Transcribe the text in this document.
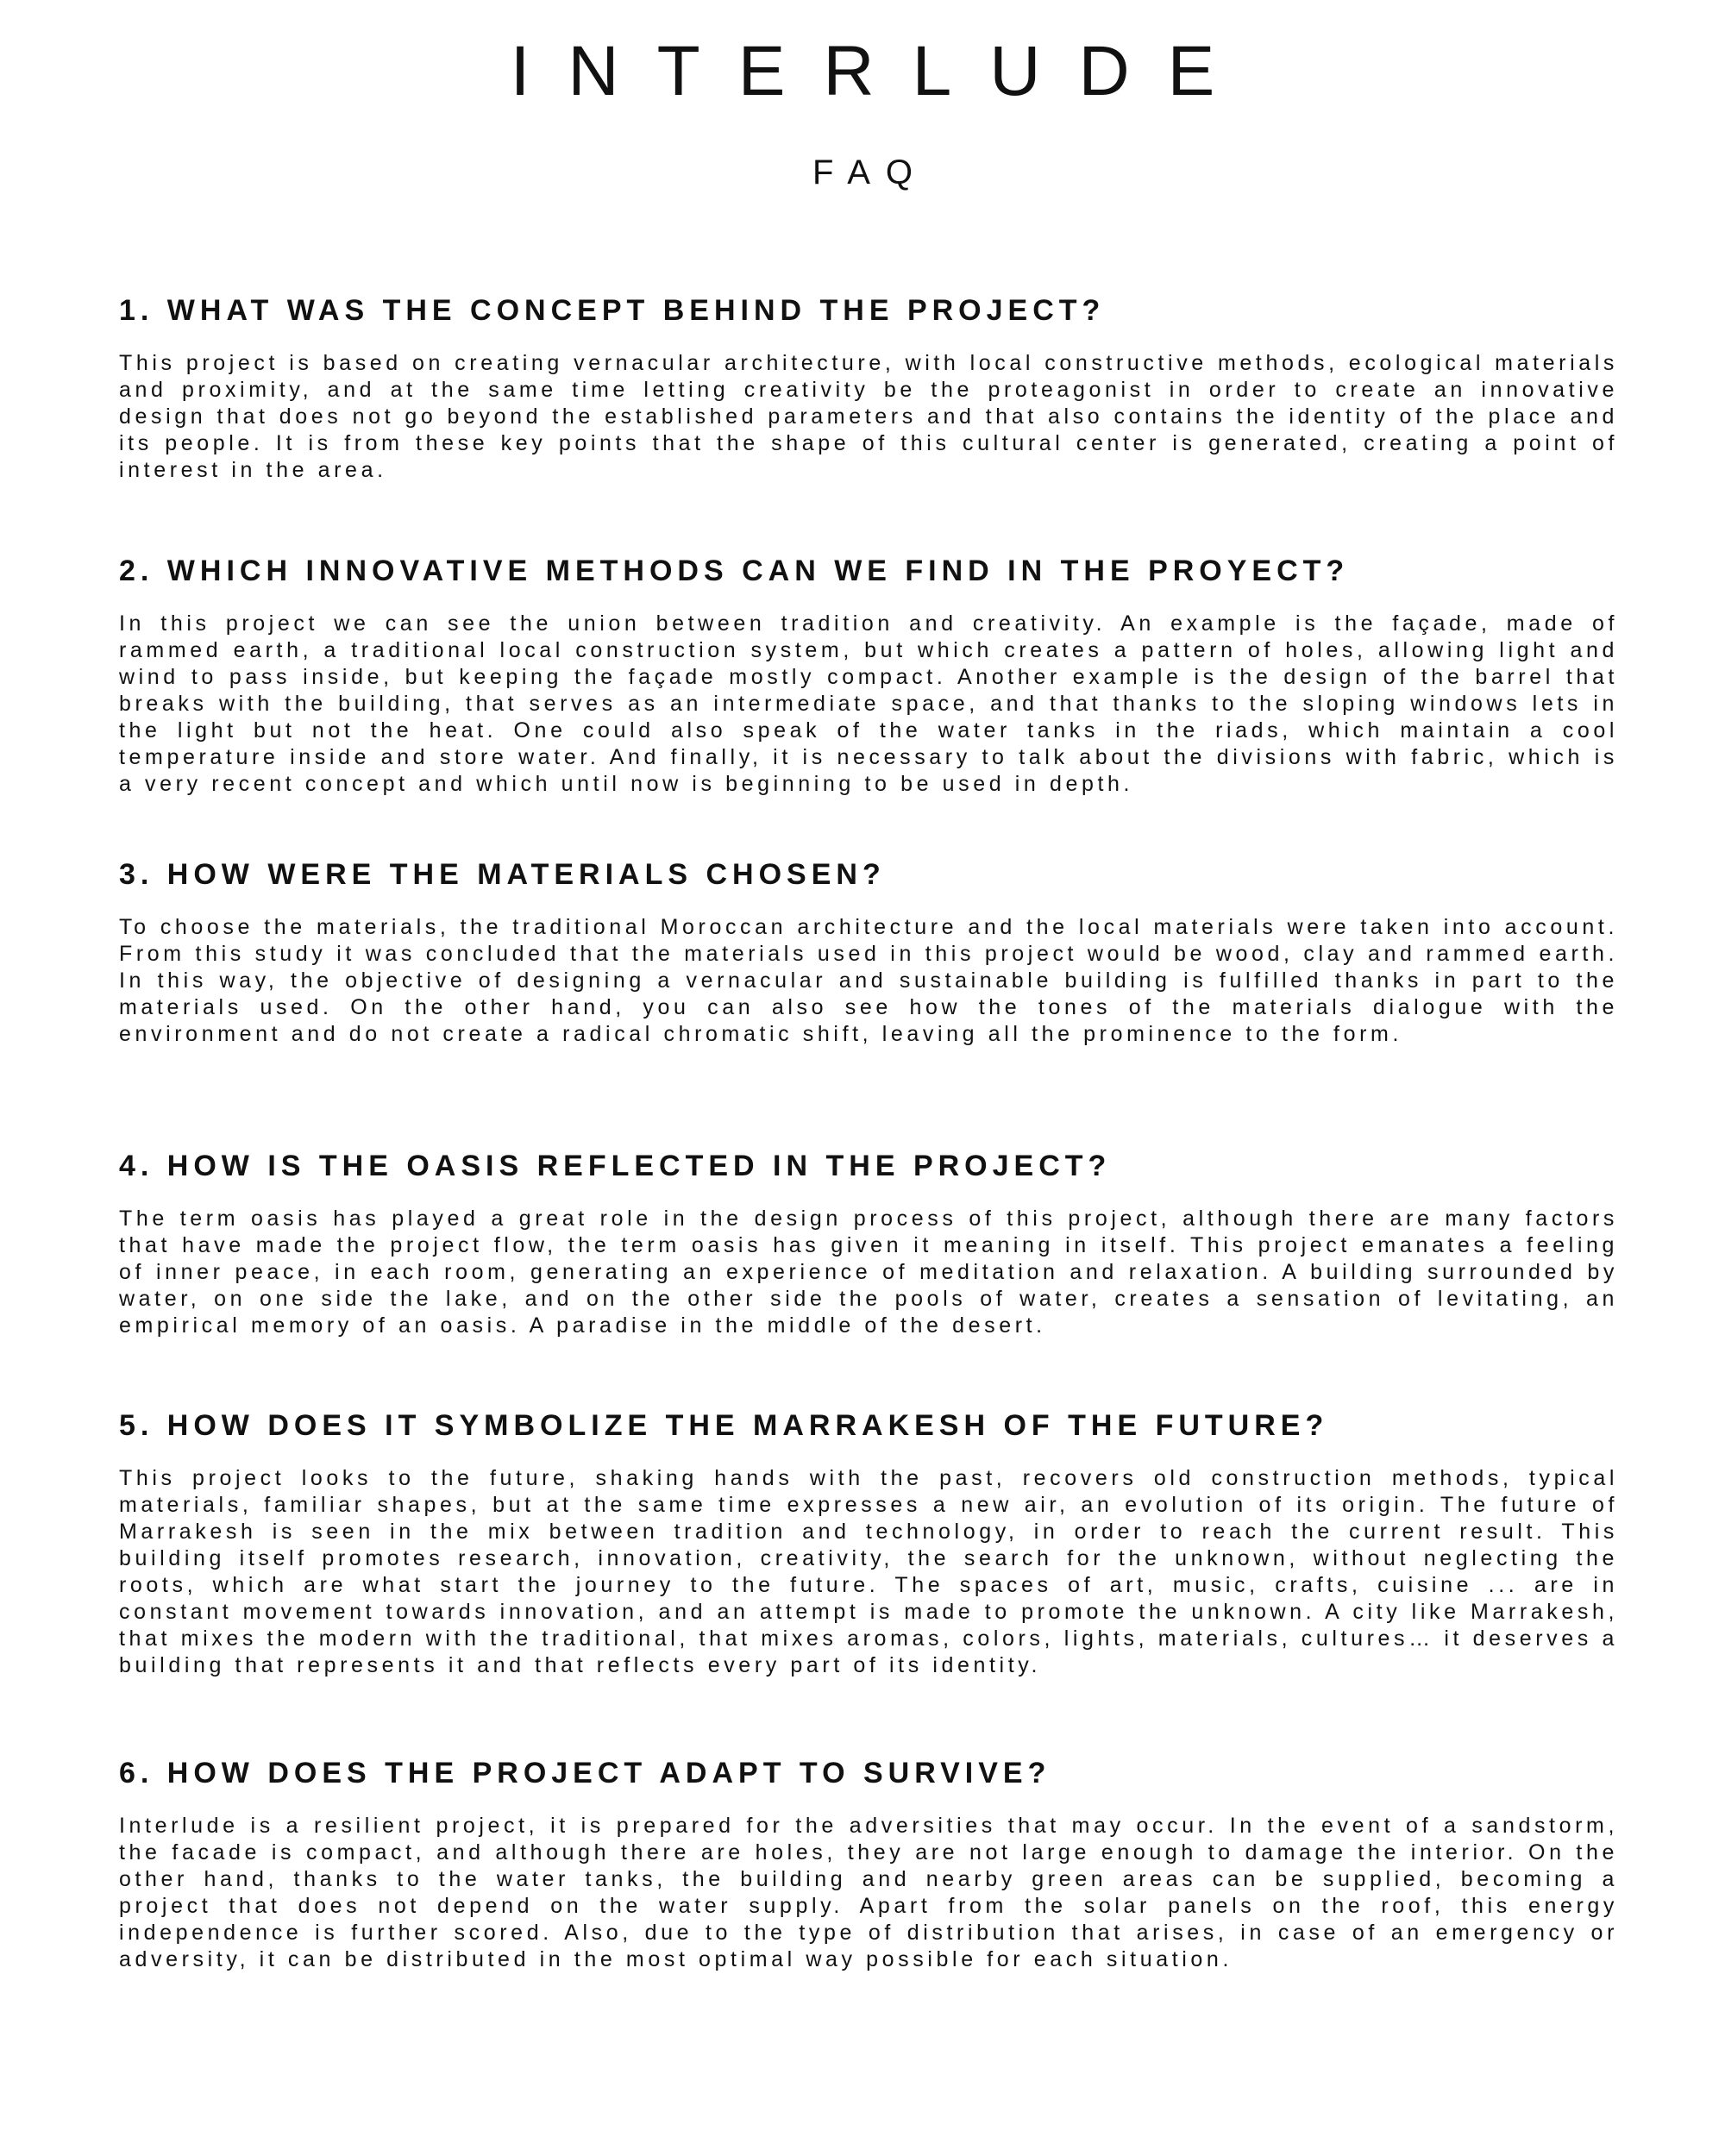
INTERLUDE
FAQ
1. WHAT WAS THE CONCEPT BEHIND THE PROJECT?

This project is based on creating vernacular architecture, with local constructive methods, ecological materials and proximity, and at the same time letting creativity be the proteagonist in order to create an innovative design that does not go beyond the established parameters and that also contains the identity of the place and its people. It is from these key points that the shape of this cultural center is generated, creating a point of interest in the area.

2. WHICH INNOVATIVE METHODS CAN WE FIND IN THE PROYECT?

In this project we can see the union between tradition and creativity. An example is the façade, made of rammed earth, a traditional local construction system, but which creates a pattern of holes, allowing light and wind to pass inside, but keeping the façade mostly compact. Another example is the design of the barrel that breaks with the building, that serves as an intermediate space, and that thanks to the sloping windows lets in the light but not the heat. One could also speak of the water tanks in the riads, which maintain a cool temperature inside and store water. And finally, it is necessary to talk about the divisions with fabric, which is a very recent concept and which until now is beginning to be used in depth.

3. HOW WERE THE MATERIALS CHOSEN?

To choose the materials, the traditional Moroccan architecture and the local materials were taken into account. From this study it was concluded that the materials used in this project would be wood, clay and rammed earth. In this way, the objective of designing a vernacular and sustainable building is fulfilled thanks in part to the materials used. On the other hand, you can also see how the tones of the materials dialogue with the environment and do not create a radical chromatic shift, leaving all the prominence to the form.

4. HOW IS THE OASIS REFLECTED IN THE PROJECT?

The term oasis has played a great role in the design process of this project, although there are many factors that have made the project flow, the term oasis has given it meaning in itself. This project emanates a feeling of inner peace, in each room, generating an experience of meditation and relaxation. A building surrounded by water, on one side the lake, and on the other side the pools of water, creates a sensation of levitating, an empirical memory of an oasis. A paradise in the middle of the desert.

5. HOW DOES IT SYMBOLIZE THE MARRAKESH OF THE FUTURE?

This project looks to the future, shaking hands with the past, recovers old construction methods, typical materials, familiar shapes, but at the same time expresses a new air, an evolution of its origin. The future of Marrakesh is seen in the mix between tradition and technology, in order to reach the current result. This building itself promotes research, innovation, creativity, the search for the unknown, without neglecting the roots, which are what start the journey to the future. The spaces of art, music, crafts, cuisine ... are in constant movement towards innovation, and an attempt is made to promote the unknown. A city like Marrakesh, that mixes the modern with the traditional, that mixes aromas, colors, lights, materials, cultures… it deserves a building that represents it and that reflects every part of its identity.

6. HOW DOES THE PROJECT ADAPT TO SURVIVE?

Interlude is a resilient project, it is prepared for the adversities that may occur. In the event of a sandstorm, the facade is compact, and although there are holes, they are not large enough to damage the interior. On the other hand, thanks to the water tanks, the building and nearby green areas can be supplied, becoming a project that does not depend on the water supply. Apart from the solar panels on the roof, this energy independence is further scored. Also, due to the type of distribution that arises, in case of an emergency or adversity, it can be distributed in the most optimal way possible for each situation.
